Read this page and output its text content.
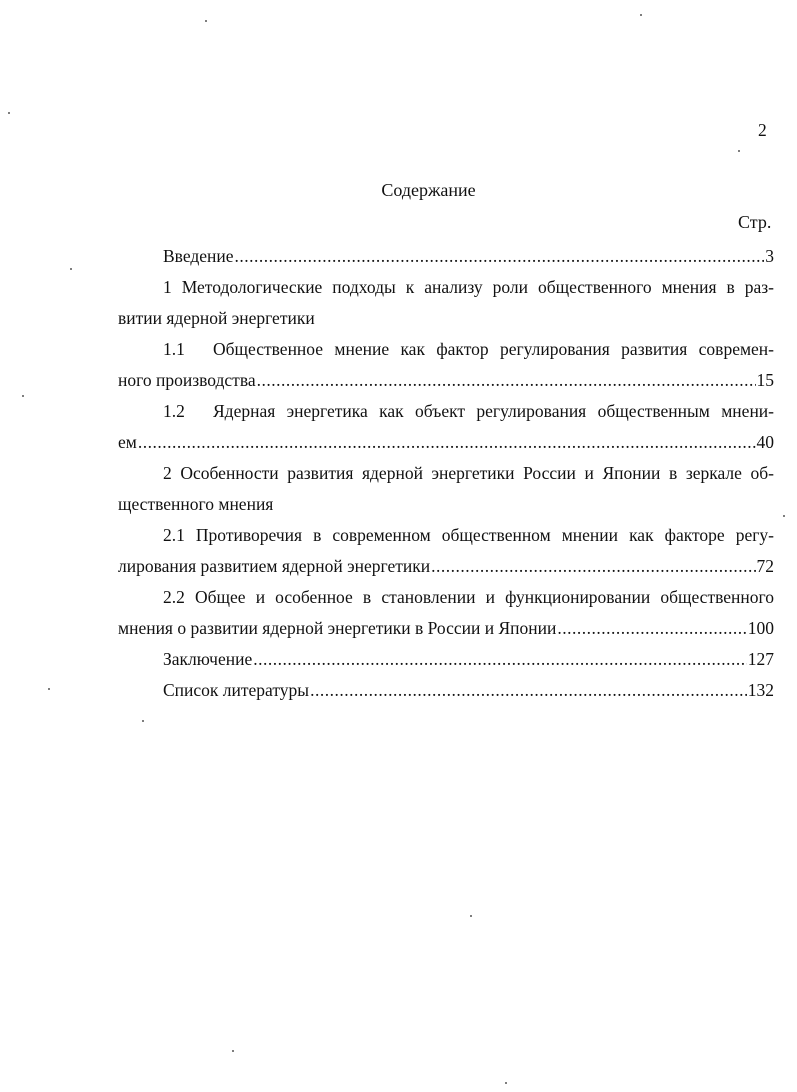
2
Содержание
Стр.
Введение .....	3
1 Методологические подходы к анализу роли общественного мнения в раз-
витии ядерной энергетики
1.1 Общественное мнение как фактор регулирования развития современ-
ного производства .....	15
1.2 Ядерная энергетика как объект регулирования общественным мнени-
ем .....	40
2 Особенности развития ядерной энергетики России и Японии в зеркале об-
щественного мнения
2.1 Противоречия в современном общественном мнении как факторе регу-
лирования развитием ядерной энергетики .....	72
2.2 Общее и особенное в становлении и функционировании общественного
мнения о развитии ядерной энергетики в России и Японии .....	100
Заключение .....	127
Список литературы .....	132
